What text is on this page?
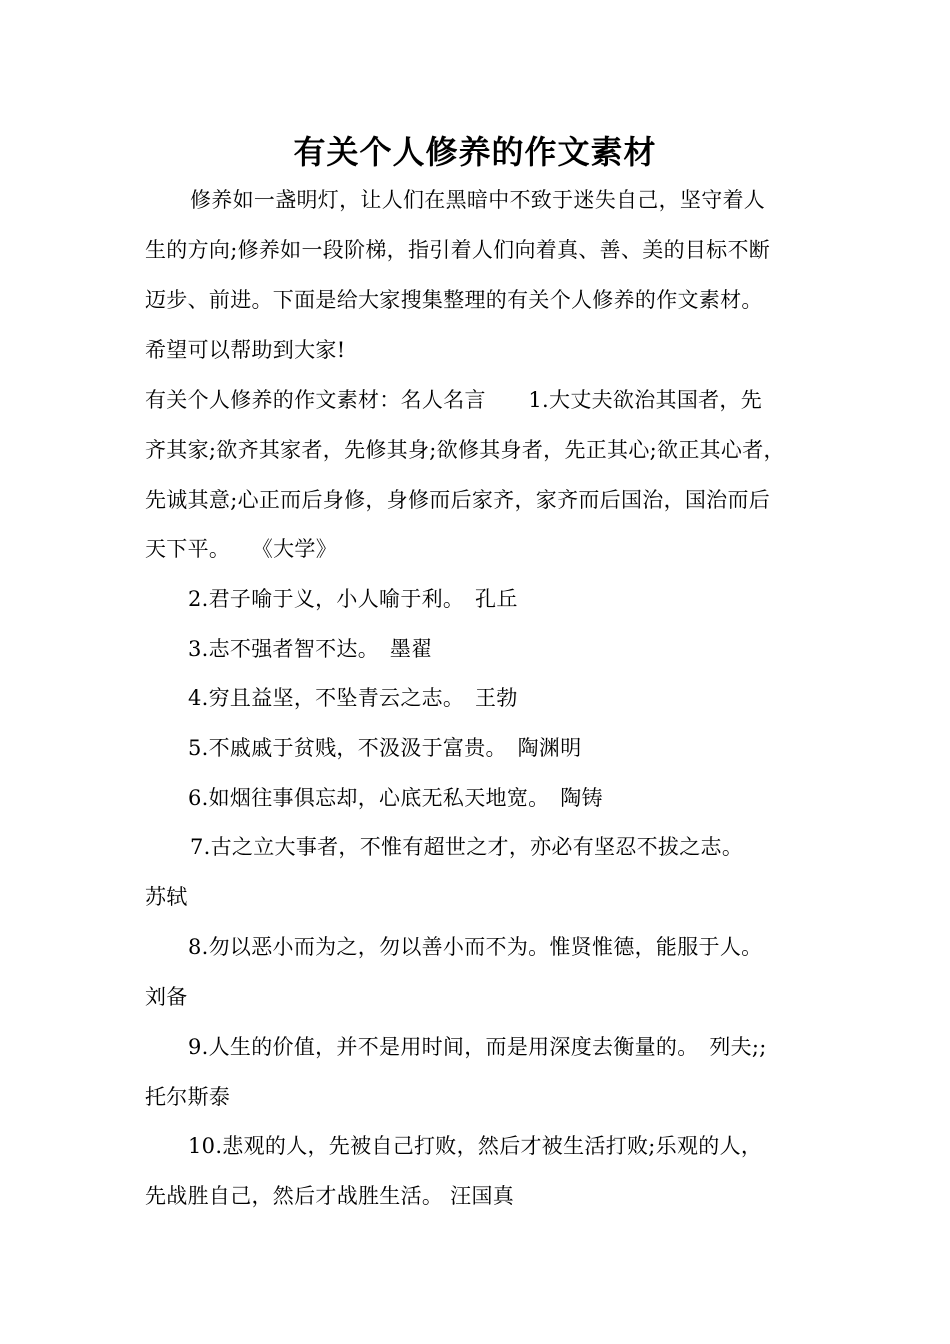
有关个人修养的作文素材
修养如一盏明灯，让人们在黑暗中不致于迷失自己，坚守着人
生的方向;修养如一段阶梯，指引着人们向着真、善、美的目标不断
迈步、前进。下面是给大家搜集整理的有关个人修养的作文素材。
希望可以帮助到大家!
有关个人修养的作文素材：名人名言　　1.大丈夫欲治其国者，先
齐其家;欲齐其家者，先修其身;欲修其身者，先正其心;欲正其心者，
先诚其意;心正而后身修，身修而后家齐，家齐而后国治，国治而后
天下平。　　《大学》
2.君子喻于义，小人喻于利。　孔丘
3.志不强者智不达。　墨翟
4.穷且益坚，不坠青云之志。　王勃
5.不戚戚于贫贱，不汲汲于富贵。　陶渊明
6.如烟往事俱忘却，心底无私天地宽。　陶铸
7.古之立大事者，不惟有超世之才，亦必有坚忍不拔之志。
苏轼
8.勿以恶小而为之，勿以善小而不为。惟贤惟德，能服于人。
刘备
9.人生的价值，并不是用时间，而是用深度去衡量的。　列夫;;
托尔斯泰
10.悲观的人，先被自己打败，然后才被生活打败;乐观的人，
先战胜自己，然后才战胜生活。 汪国真
